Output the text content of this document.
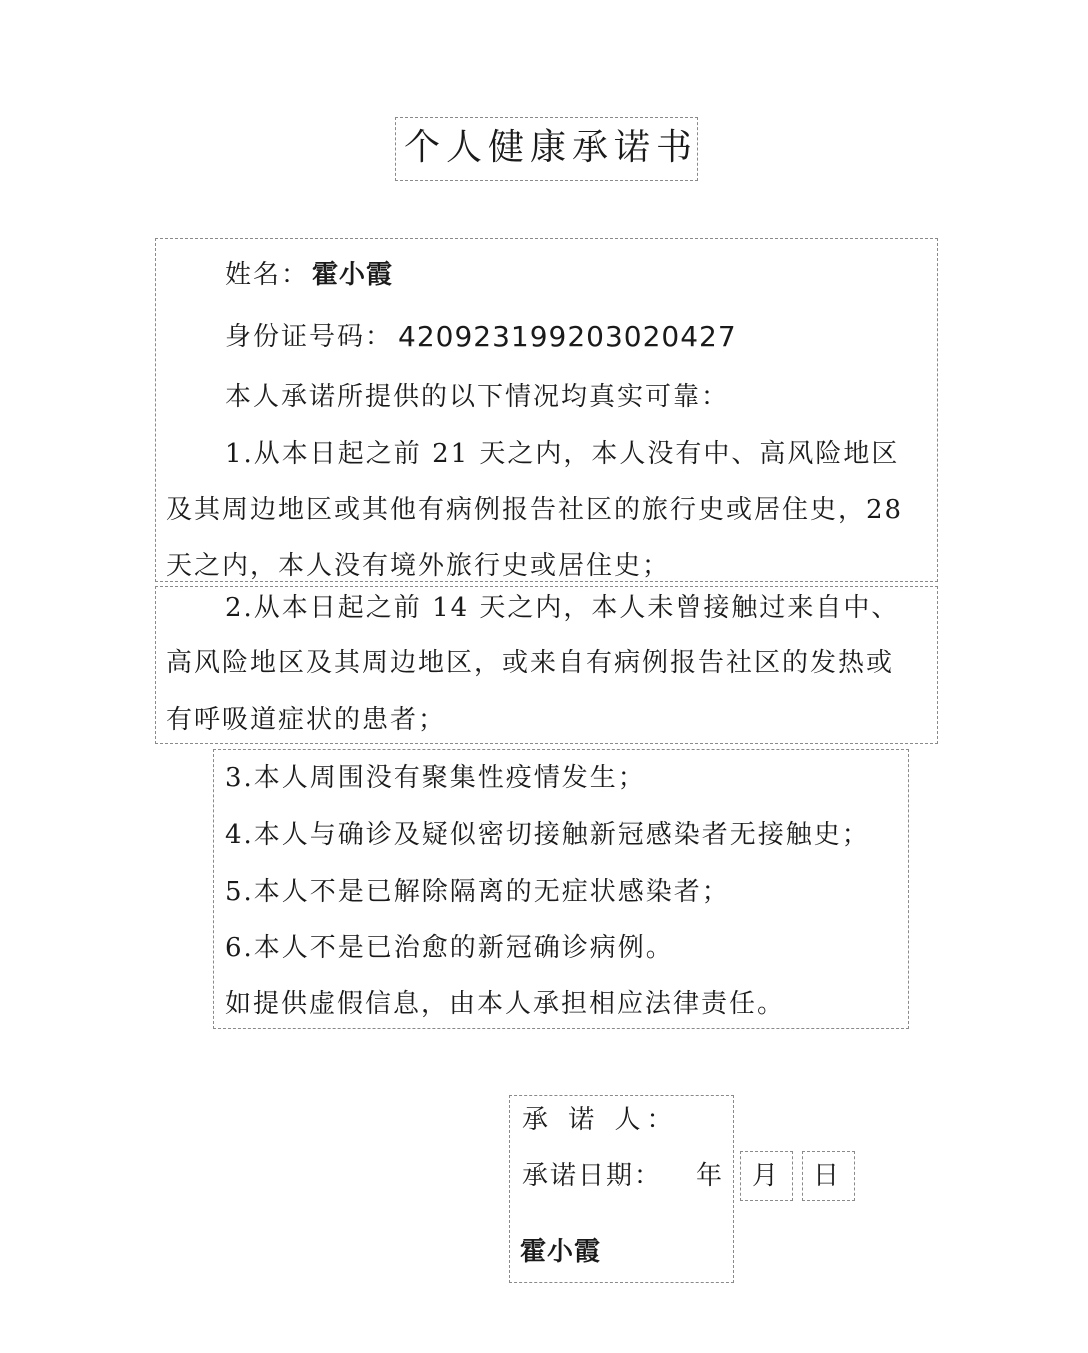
个人健康承诺书
姓名： 霍小霞
身份证号码： 420923199203020427
本人承诺所提供的以下情况均真实可靠：
1.从本日起之前 21 天之内，本人没有中、高风险地区
及其周边地区或其他有病例报告社区的旅行史或居住史，28
天之内，本人没有境外旅行史或居住史；
2.从本日起之前 14 天之内，本人未曾接触过来自中、
高风险地区及其周边地区，或来自有病例报告社区的发热或
有呼吸道症状的患者；
3.本人周围没有聚集性疫情发生；
4.本人与确诊及疑似密切接触新冠感染者无接触史；
5.本人不是已解除隔离的无症状感染者；
6.本人不是已治愈的新冠确诊病例。
如提供虚假信息，由本人承担相应法律责任。
承 诺 人：
承诺日期： 年 月 日
霍小霞
